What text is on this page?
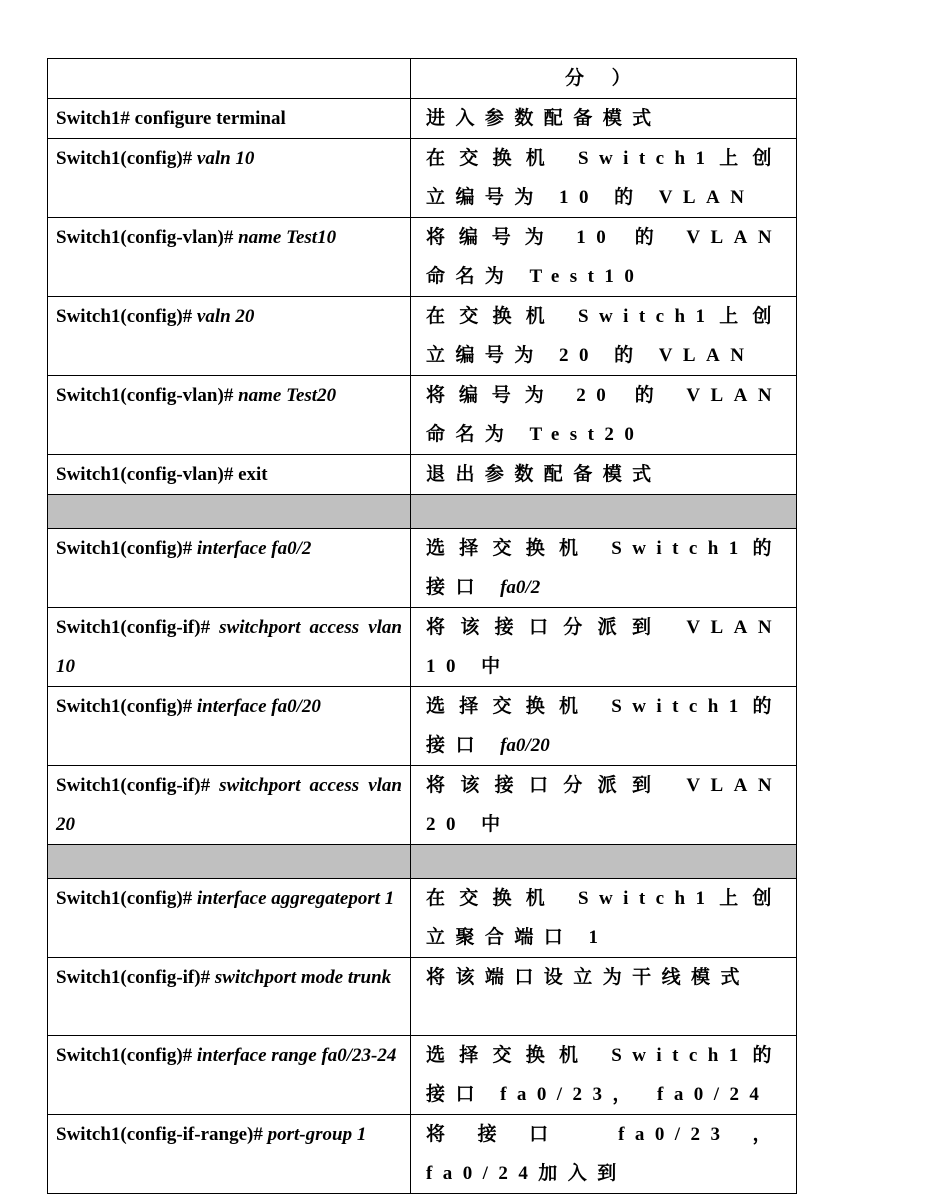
	分 ）
Switch1# configure terminal	进入参数配备模式
Switch1(config)# valn 10	在交换机 Switch1上创立编号为 10 的 VLAN
Switch1(config-vlan)# name Test10	将编号为 10 的 VLAN 命名为 Test10
Switch1(config)# valn 20	在交换机 Switch1上创立编号为 20 的 VLAN
Switch1(config-vlan)# name Test20	将编号为 20 的 VLAN 命名为 Test20
Switch1(config-vlan)# exit	退出参数配备模式

Switch1(config)# interface fa0/2	选择交换机 Switch1的接口 fa0/2
Switch1(config-if)# switchport access vlan 10	将该接口分派到 VLAN 10 中
Switch1(config)# interface fa0/20	选择交换机 Switch1的接口 fa0/20
Switch1(config-if)# switchport access vlan 20	将该接口分派到 VLAN 20 中

Switch1(config)# interface aggregateport 1	在交换机 Switch1上创立聚合端口 1
Switch1(config-if)# switchport mode trunk	将该端口设立为干线模式
Switch1(config)# interface range fa0/23-24	选择交换机 Switch1的接口 fa0/23， fa0/24
Switch1(config-if-range)# port-group 1	将接口 fa0/23， fa0/24加入到
